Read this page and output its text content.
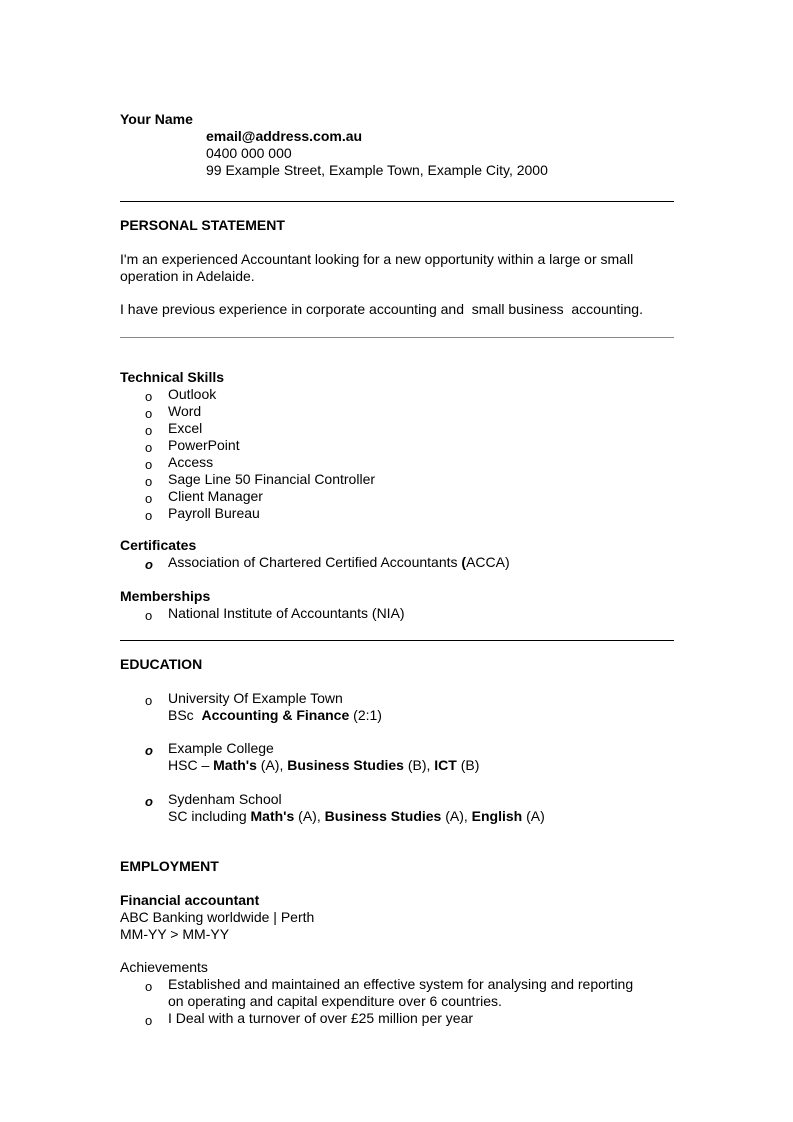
Your Name
email@address.com.au
0400 000 000
99 Example Street, Example Town, Example City, 2000
PERSONAL STATEMENT
I'm an experienced Accountant looking for a new opportunity within a large or small operation in Adelaide.
I have previous experience in corporate accounting and  small business  accounting.
Technical Skills
o Outlook
o Word
o Excel
o PowerPoint
o Access
o Sage Line 50 Financial Controller
o Client Manager
o Payroll Bureau
Certificates
o Association of Chartered Certified Accountants (ACCA)
Memberships
o National Institute of Accountants (NIA)
EDUCATION
o University Of Example Town
BSc  Accounting & Finance (2:1)
o Example College
HSC – Math's (A), Business Studies (B), ICT (B)
o Sydenham School
SC including Math's (A), Business Studies (A), English (A)
EMPLOYMENT
Financial accountant
ABC Banking worldwide | Perth
MM-YY > MM-YY
Achievements
o Established and maintained an effective system for analysing and reporting
on operating and capital expenditure over 6 countries.
o I Deal with a turnover of over £25 million per year
